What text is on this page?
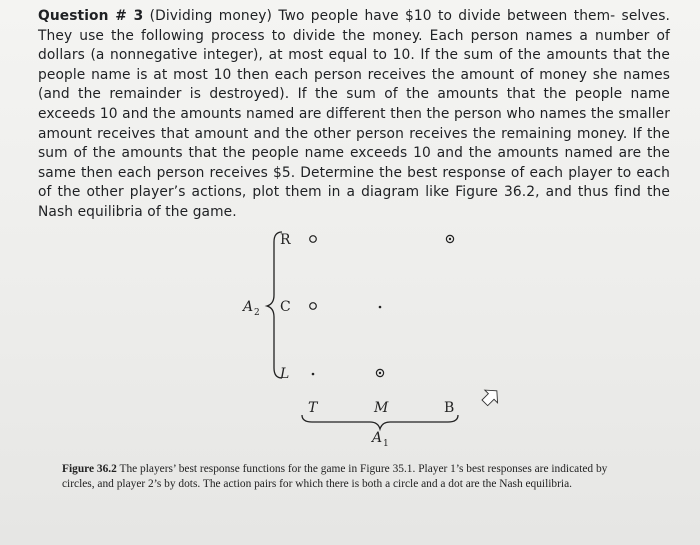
Question # 3 (Dividing money) Two people have $10 to divide between them- selves. They use the following process to divide the money. Each person names a number of dollars (a nonnegative integer), at most equal to 10. If the sum of the amounts that the people name is at most 10 then each person receives the amount of money she names (and the remainder is destroyed). If the sum of the amounts that the people name exceeds 10 and the amounts named are different then the person who names the smaller amount receives that amount and the other person receives the remaining money. If the sum of the amounts that the people name exceeds 10 and the amounts named are the same then each person receives $5. Determine the best response of each player to each of the other player’s actions, plot them in a diagram like Figure 36.2, and thus find the Nash equilibria of the game.
A 2
R
C
L
T	M	B
A 1
Figure 36.2 The players’ best response functions for the game in Figure 35.1. Player 1’s best responses are indicated by circles, and player 2’s by dots. The action pairs for which there is both a circle and a dot are the Nash equilibria.
